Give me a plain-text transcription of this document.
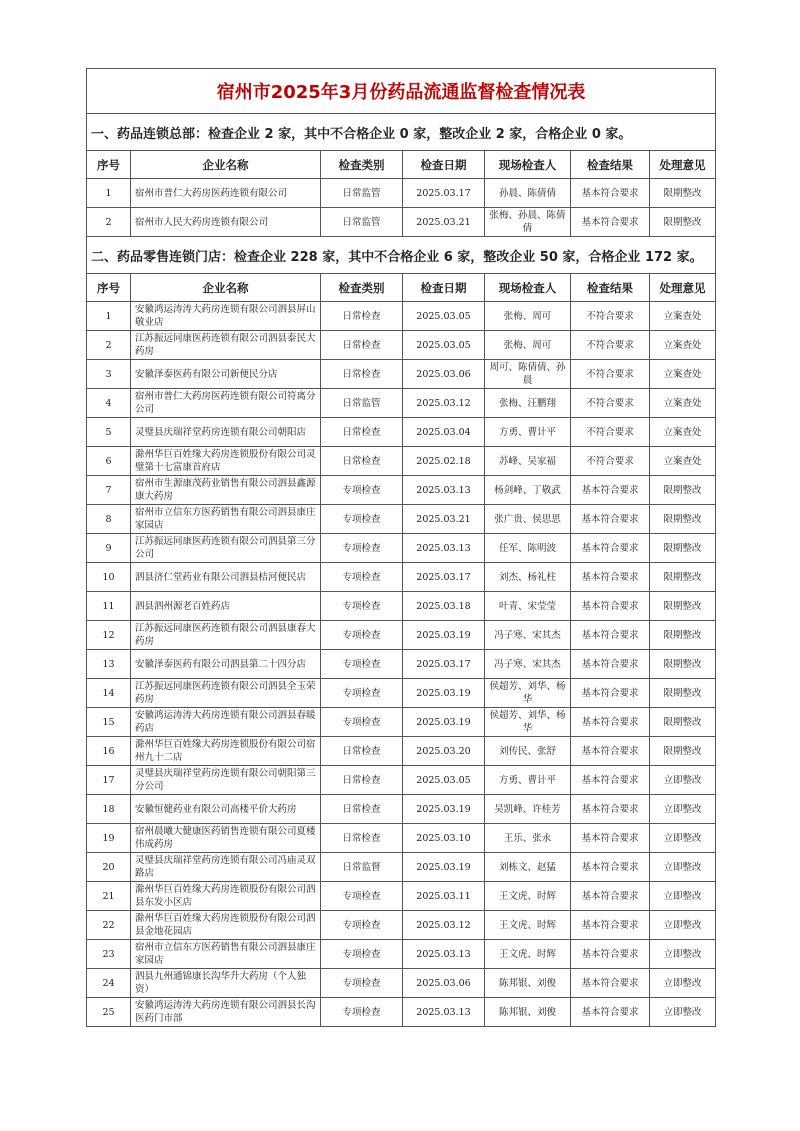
宿州市2025年3月份药品流通监督检查情况表						
一、药品连锁总部：检查企业 2 家，其中不合格企业 0 家，整改企业 2 家，合格企业 0 家。						
序号	企业名称	检查类别	检查日期	现场检查人	检查结果	处理意见
1	宿州市普仁大药房医药连锁有限公司	日常监管	2025.03.17	孙晨、陈倩倩	基本符合要求	限期整改
2	宿州市人民大药房连锁有限公司	日常监管	2025.03.21	张梅、孙晨、陈倩倩	基本符合要求	限期整改
二、药品零售连锁门店：检查企业 228 家，其中不合格企业 6 家，整改企业 50 家，合格企业 172 家。						
序号	企业名称	检查类别	检查日期	现场检查人	检查结果	处理意见
1	安徽鸿运涛涛大药房连锁有限公司泗县屏山敬业店	日常检查	2025.03.05	张梅、周可	不符合要求	立案查处
2	江苏振远同康医药连锁有限公司泗县泰民大药房	日常检查	2025.03.05	张梅、周可	不符合要求	立案查处
3	安徽泽泰医药有限公司新便民分店	日常检查	2025.03.06	周可、陈倩倩、孙晨	不符合要求	立案查处
4	宿州市普仁大药房医药连锁有限公司符离分公司	日常监管	2025.03.12	张梅、汪鹏翔	不符合要求	立案查处
5	灵璧县庆瑞祥堂药房连锁有限公司朝阳店	日常检查	2025.03.04	方勇、曹计平	不符合要求	立案查处
6	滁州华巨百姓缘大药房连锁股份有限公司灵璧第十七富康首府店	日常检查	2025.02.18	苏峰、吴家福	不符合要求	立案查处
7	宿州市生源康茂药业销售有限公司泗县鑫源康大药房	专项检查	2025.03.13	杨剑峰、丁敬武	基本符合要求	限期整改
8	宿州市立信东方医药销售有限公司泗县康庄家园店	专项检查	2025.03.21	张广贵、侯思思	基本符合要求	限期整改
9	江苏振远同康医药连锁有限公司泗县第三分公司	专项检查	2025.03.13	任军、陈明波	基本符合要求	限期整改
10	泗县济仁堂药业有限公司泗县桔河便民店	专项检查	2025.03.17	刘杰、杨礼柱	基本符合要求	限期整改
11	泗县泗州源老百姓药店	专项检查	2025.03.18	叶青、宋莹莹	基本符合要求	限期整改
12	江苏振远同康医药连锁有限公司泗县康春大药房	专项检查	2025.03.19	冯子寒、宋其杰	基本符合要求	限期整改
13	安徽泽泰医药有限公司泗县第二十四分店	专项检查	2025.03.17	冯子寒、宋其杰	基本符合要求	限期整改
14	江苏振远同康医药连锁有限公司泗县全玉荣药房	专项检查	2025.03.19	侯超芳、刘华、杨华	基本符合要求	限期整改
15	安徽鸿运涛涛大药房连锁有限公司泗县春暖药店	专项检查	2025.03.19	侯超芳、刘华、杨华	基本符合要求	限期整改
16	滁州华巨百姓缘大药房连锁股份有限公司宿州九十二店	日常检查	2025.03.20	刘传民、张舒	基本符合要求	限期整改
17	灵璧县庆瑞祥堂药房连锁有限公司朝阳第三分公司	日常检查	2025.03.05	方勇、曹计平	基本符合要求	立即整改
18	安徽恒健药业有限公司高楼平价大药房	日常检查	2025.03.19	吴凯峰、许桂芳	基本符合要求	立即整改
19	宿州晨曦大健康医药销售连锁有限公司夏楼伟成药房	日常检查	2025.03.10	王乐、张永	基本符合要求	立即整改
20	灵璧县庆瑞祥堂药房连锁有限公司冯庙灵双路店	日常监督	2025.03.19	刘栋文、赵猛	基本符合要求	立即整改
21	滁州华巨百姓缘大药房连锁股份有限公司泗县东发小区店	专项检查	2025.03.11	王文虎、时辉	基本符合要求	立即整改
22	滁州华巨百姓缘大药房连锁股份有限公司泗县金地花园店	专项检查	2025.03.12	王文虎、时辉	基本符合要求	立即整改
23	宿州市立信东方医药销售有限公司泗县康庄家园店	专项检查	2025.03.13	王文虎、时辉	基本符合要求	立即整改
24	泗县九州通锦康长沟华升大药房（个人独资）	专项检查	2025.03.06	陈邦银、刘俊	基本符合要求	立即整改
25	安徽鸿运涛涛大药房连锁有限公司泗县长沟医药门市部	专项检查	2025.03.13	陈邦银、刘俊	基本符合要求	立即整改
